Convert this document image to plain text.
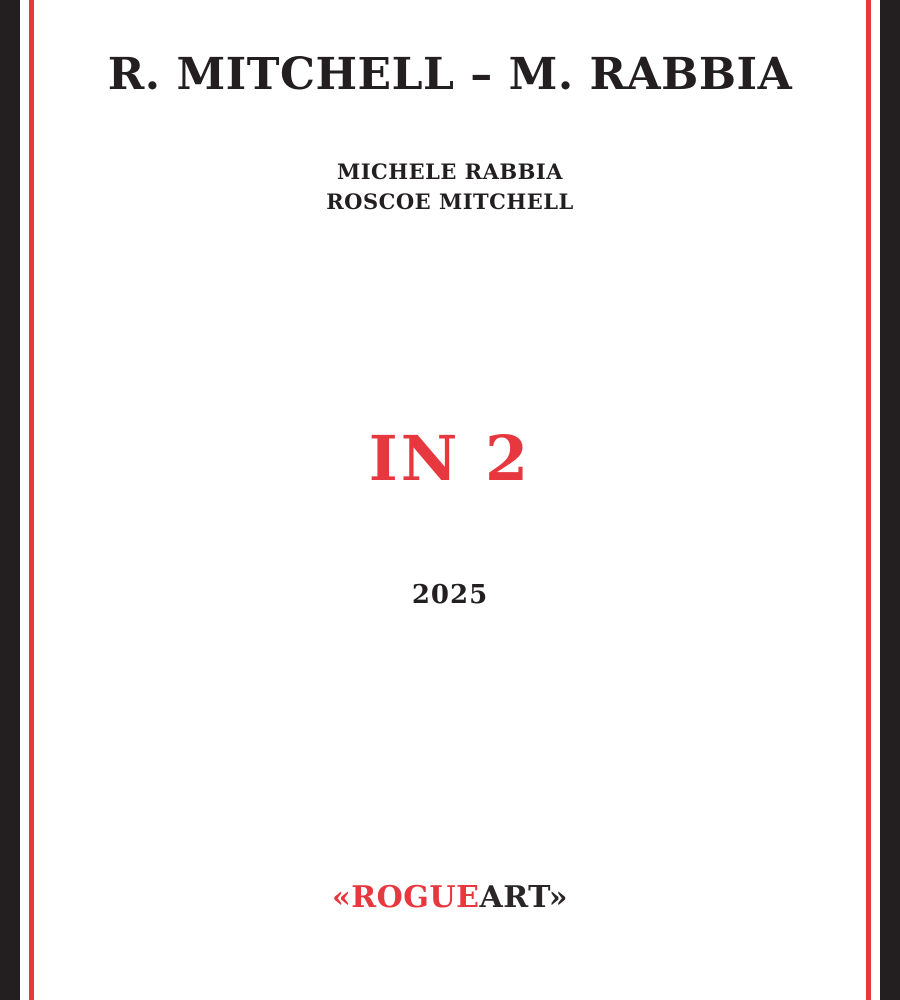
R. MITCHELL – M. RABBIA
MICHELE RABBIA
ROSCOE MITCHELL
IN 2
2025
«ROGUEART»
